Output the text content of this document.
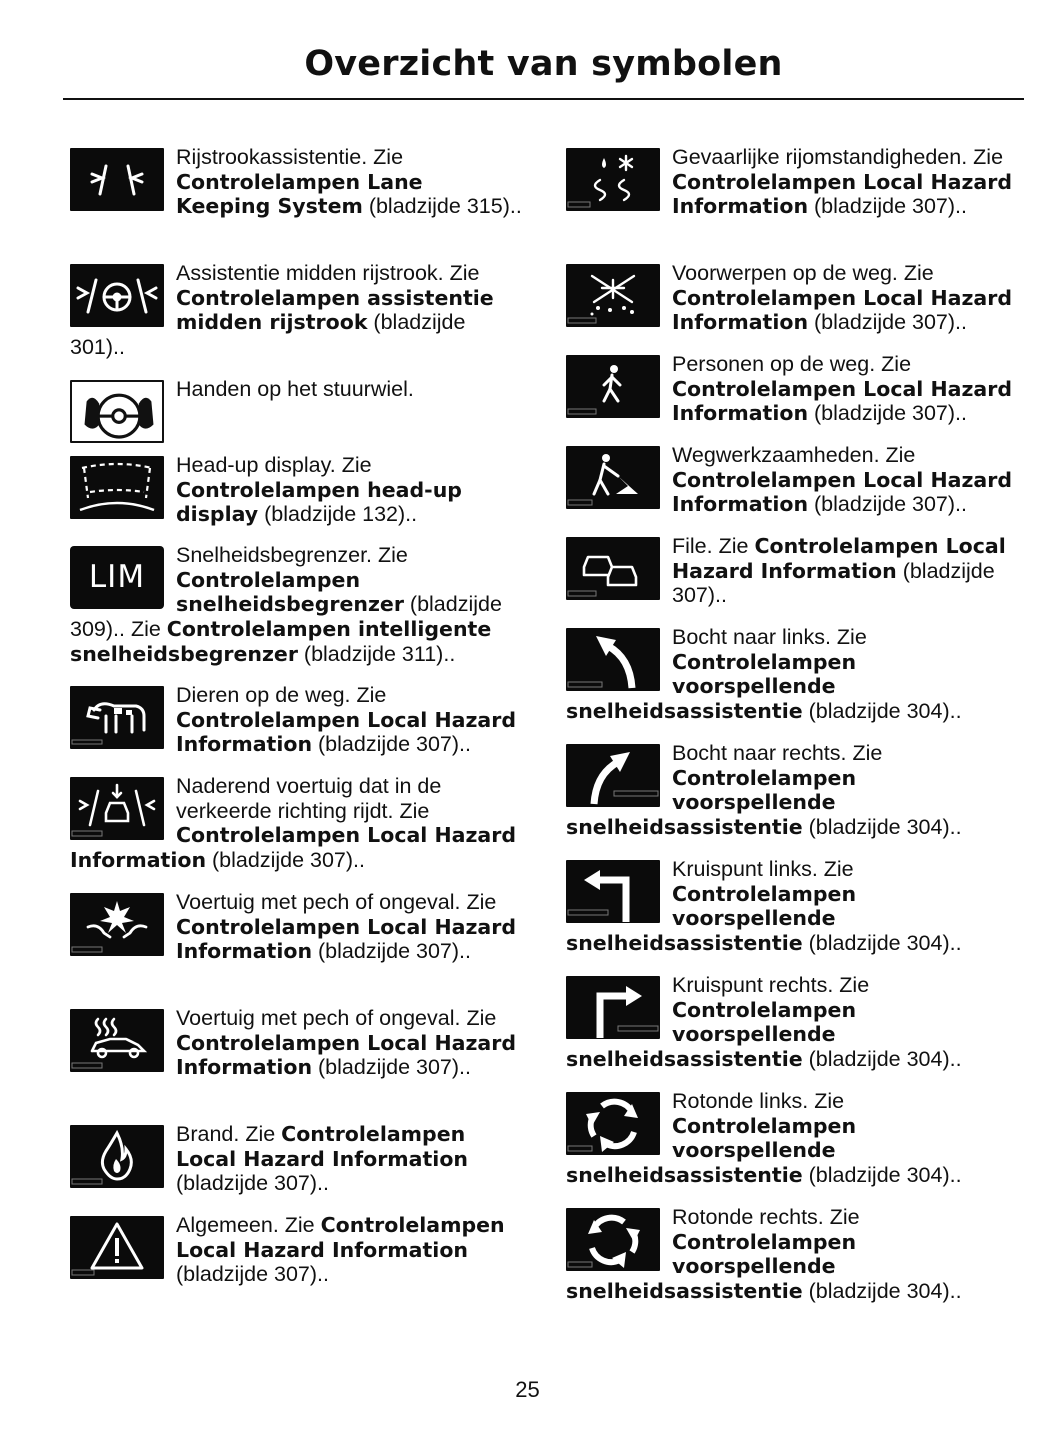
Overzicht van symbolen
Rijstrookassistentie. Zie Controlelampen Lane Keeping System (bladzijde 315)..
Assistentie midden rijstrook. Zie Controlelampen assistentie midden rijstrook (bladzijde 301)..
Handen op het stuurwiel.
Head-up display. Zie Controlelampen head-up display (bladzijde 132)..
LIM
Snelheidsbegrenzer. Zie Controlelampen snelheidsbegrenzer (bladzijde 309).. Zie Controlelampen intelligente snelheidsbegrenzer (bladzijde 311)..
Dieren op de weg. Zie Controlelampen Local Hazard Information (bladzijde 307)..
Naderend voertuig dat in de verkeerde richting rijdt. Zie Controlelampen Local Hazard Information (bladzijde 307)..
Voertuig met pech of ongeval. Zie Controlelampen Local Hazard Information (bladzijde 307)..
Voertuig met pech of ongeval. Zie Controlelampen Local Hazard Information (bladzijde 307)..
Brand. Zie Controlelampen Local Hazard Information (bladzijde 307)..
Algemeen. Zie Controlelampen Local Hazard Information (bladzijde 307)..
Gevaarlijke rijomstandigheden. Zie Controlelampen Local Hazard Information (bladzijde 307)..
Voorwerpen op de weg. Zie Controlelampen Local Hazard Information (bladzijde 307)..
Personen op de weg. Zie Controlelampen Local Hazard Information (bladzijde 307)..
Wegwerkzaamheden. Zie Controlelampen Local Hazard Information (bladzijde 307)..
File. Zie Controlelampen Local Hazard Information (bladzijde 307)..
Bocht naar links. Zie Controlelampen voorspellende snelheidsassistentie (bladzijde 304)..
Bocht naar rechts. Zie Controlelampen voorspellende snelheidsassistentie (bladzijde 304)..
Kruispunt links. Zie Controlelampen voorspellende snelheidsassistentie (bladzijde 304)..
Kruispunt rechts. Zie Controlelampen voorspellende snelheidsassistentie (bladzijde 304)..
Rotonde links. Zie Controlelampen voorspellende snelheidsassistentie (bladzijde 304)..
Rotonde rechts. Zie Controlelampen voorspellende snelheidsassistentie (bladzijde 304)..
25
